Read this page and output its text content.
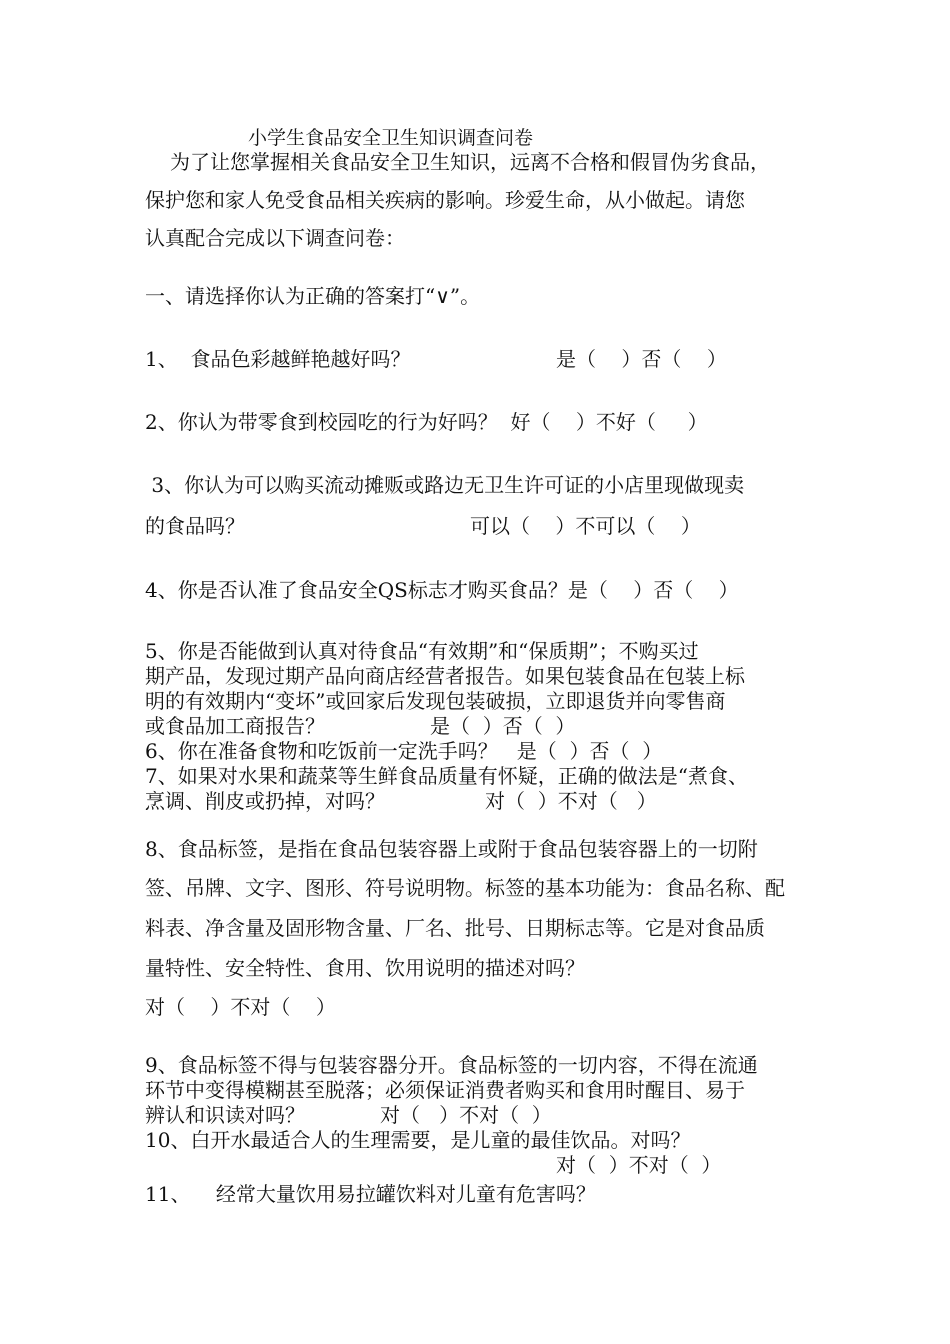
小学生食品安全卫生知识调查问卷
为了让您掌握相关食品安全卫生知识，远离不合格和假冒伪劣食品，
保护您和家人免受食品相关疾病的影响。珍爱生命，从小做起。请您
认真配合完成以下调查问卷：
一、请选择你认为正确的答案打“∨”。
1、  食品色彩越鲜艳越好吗？	是（    ）否（    ）
2、你认为带零食到校园吃的行为好吗？  好（    ）不好（     ）
3、你认为可以购买流动摊贩或路边无卫生许可证的小店里现做现卖
的食品吗？	可以（    ）不可以（    ）
4、你是否认准了食品安全QS标志才购买食品？是（    ）否（    ）
5、你是否能做到认真对待食品“有效期”和“保质期”；不购买过
期产品，发现过期产品向商店经营者报告。如果包装食品在包装上标
明的有效期内“变坏”或回家后发现包装破损，立即退货并向零售商
或食品加工商报告？	是（  ）否（  ）
6、你在准备食物和吃饭前一定洗手吗？   是（  ）否（  ）
7、如果对水果和蔬菜等生鲜食品质量有怀疑，正确的做法是“煮食、
烹调、削皮或扔掉，对吗？	对（  ）不对（   ）
8、食品标签，是指在食品包装容器上或附于食品包装容器上的一切附
签、吊牌、文字、图形、符号说明物。标签的基本功能为：食品名称、配
料表、净含量及固形物含量、厂名、批号、日期标志等。它是对食品质
量特性、安全特性、食用、饮用说明的描述对吗？
对（    ）不对（    ）
9、食品标签不得与包装容器分开。食品标签的一切内容，不得在流通
环节中变得模糊甚至脱落；必须保证消费者购买和食用时醒目、易于
辨认和识读对吗？	对（   ）不对（  ）
10、白开水最适合人的生理需要，是儿童的最佳饮品。对吗？
对（  ）不对（  ）
11、    经常大量饮用易拉罐饮料对儿童有危害吗？
